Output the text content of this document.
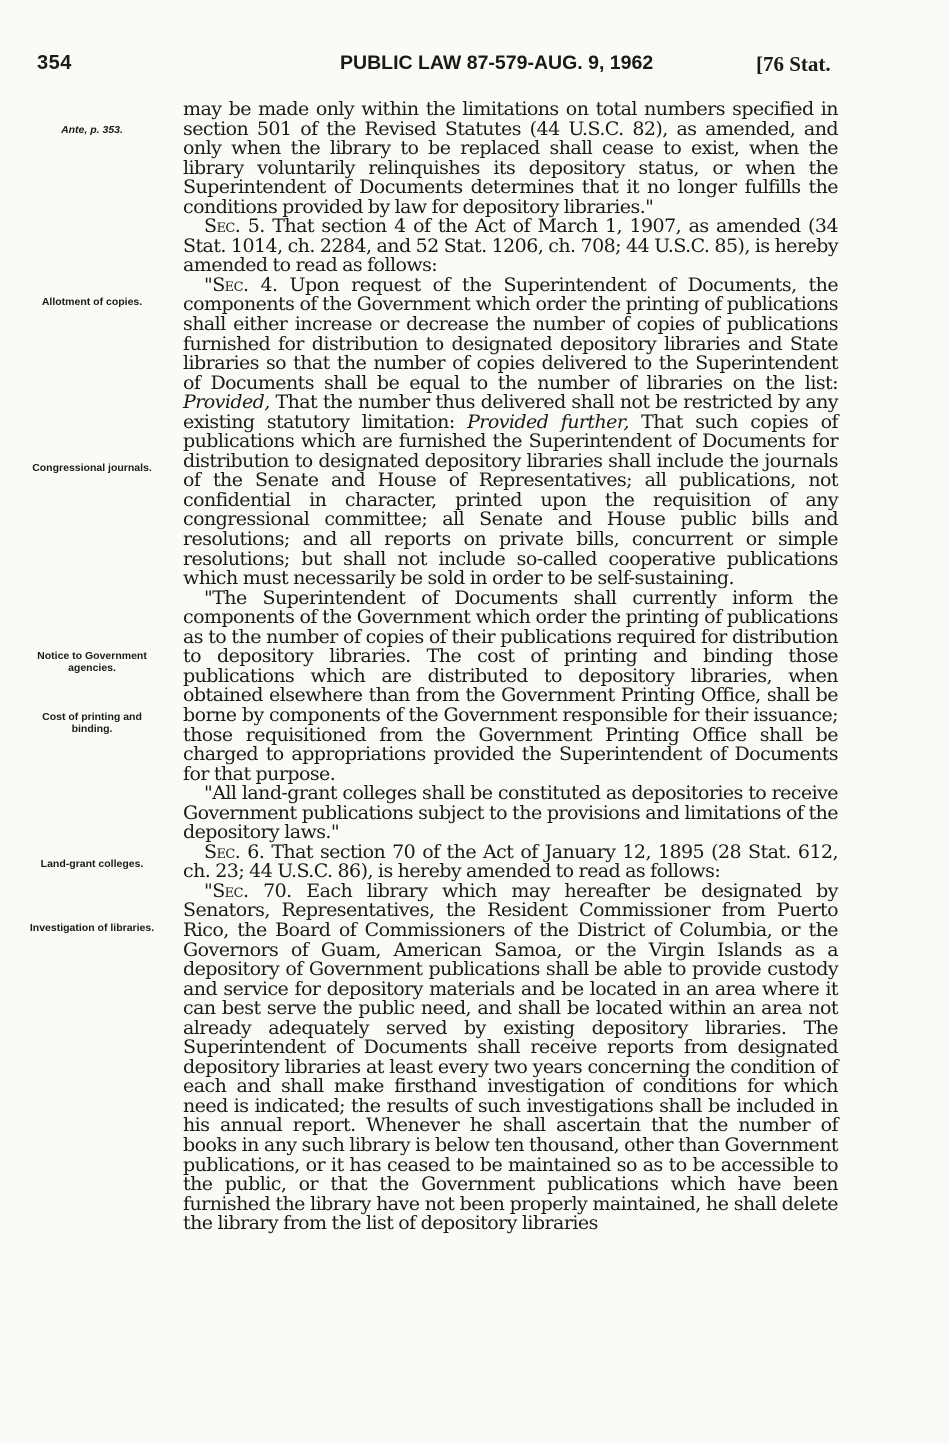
354	PUBLIC LAW 87-579-AUG. 9, 1962	[76 Stat.
Ante, p. 353.
Allotment of copies.
Congressional journals.
Notice to Government agencies.
Cost of printing and binding.
Land-grant colleges.
Investigation of libraries.

may be made only within the limitations on total numbers specified in section 501 of the Revised Statutes (44 U.S.C. 82), as amended, and only when the library to be replaced shall cease to exist, when the library voluntarily relinquishes its depository status, or when the Superintendent of Documents determines that it no longer fulfills the conditions provided by law for depository libraries."

Sec. 5. That section 4 of the Act of March 1, 1907, as amended (34 Stat. 1014, ch. 2284, and 52 Stat. 1206, ch. 708; 44 U.S.C. 85), is hereby amended to read as follows:

"Sec. 4. Upon request of the Superintendent of Documents, the components of the Government which order the printing of publications shall either increase or decrease the number of copies of publications furnished for distribution to designated depository libraries and State libraries so that the number of copies delivered to the Superintendent of Documents shall be equal to the number of libraries on the list: Provided, That the number thus delivered shall not be restricted by any existing statutory limitation: Provided further, That such copies of publications which are furnished the Superintendent of Documents for distribution to designated depository libraries shall include the journals of the Senate and House of Representatives; all publications, not confidential in character, printed upon the requisition of any congressional committee; all Senate and House public bills and resolutions; and all reports on private bills, concurrent or simple resolutions; but shall not include so-called cooperative publications which must necessarily be sold in order to be self-sustaining.

"The Superintendent of Documents shall currently inform the components of the Government which order the printing of publications as to the number of copies of their publications required for distribution to depository libraries. The cost of printing and binding those publications which are distributed to depository libraries, when obtained elsewhere than from the Government Printing Office, shall be borne by components of the Government responsible for their issuance; those requisitioned from the Government Printing Office shall be charged to appropriations provided the Superintendent of Documents for that purpose.

"All land-grant colleges shall be constituted as depositories to receive Government publications subject to the provisions and limitations of the depository laws."

Sec. 6. That section 70 of the Act of January 12, 1895 (28 Stat. 612, ch. 23; 44 U.S.C. 86), is hereby amended to read as follows:

"Sec. 70. Each library which may hereafter be designated by Senators, Representatives, the Resident Commissioner from Puerto Rico, the Board of Commissioners of the District of Columbia, or the Governors of Guam, American Samoa, or the Virgin Islands as a depository of Government publications shall be able to provide custody and service for depository materials and be located in an area where it can best serve the public need, and shall be located within an area not already adequately served by existing depository libraries. The Superintendent of Documents shall receive reports from designated depository libraries at least every two years concerning the condition of each and shall make firsthand investigation of conditions for which need is indicated; the results of such investigations shall be included in his annual report. Whenever he shall ascertain that the number of books in any such library is below ten thousand, other than Government publications, or it has ceased to be maintained so as to be accessible to the public, or that the Government publications which have been furnished the library have not been properly maintained, he shall delete the library from the list of depository libraries
